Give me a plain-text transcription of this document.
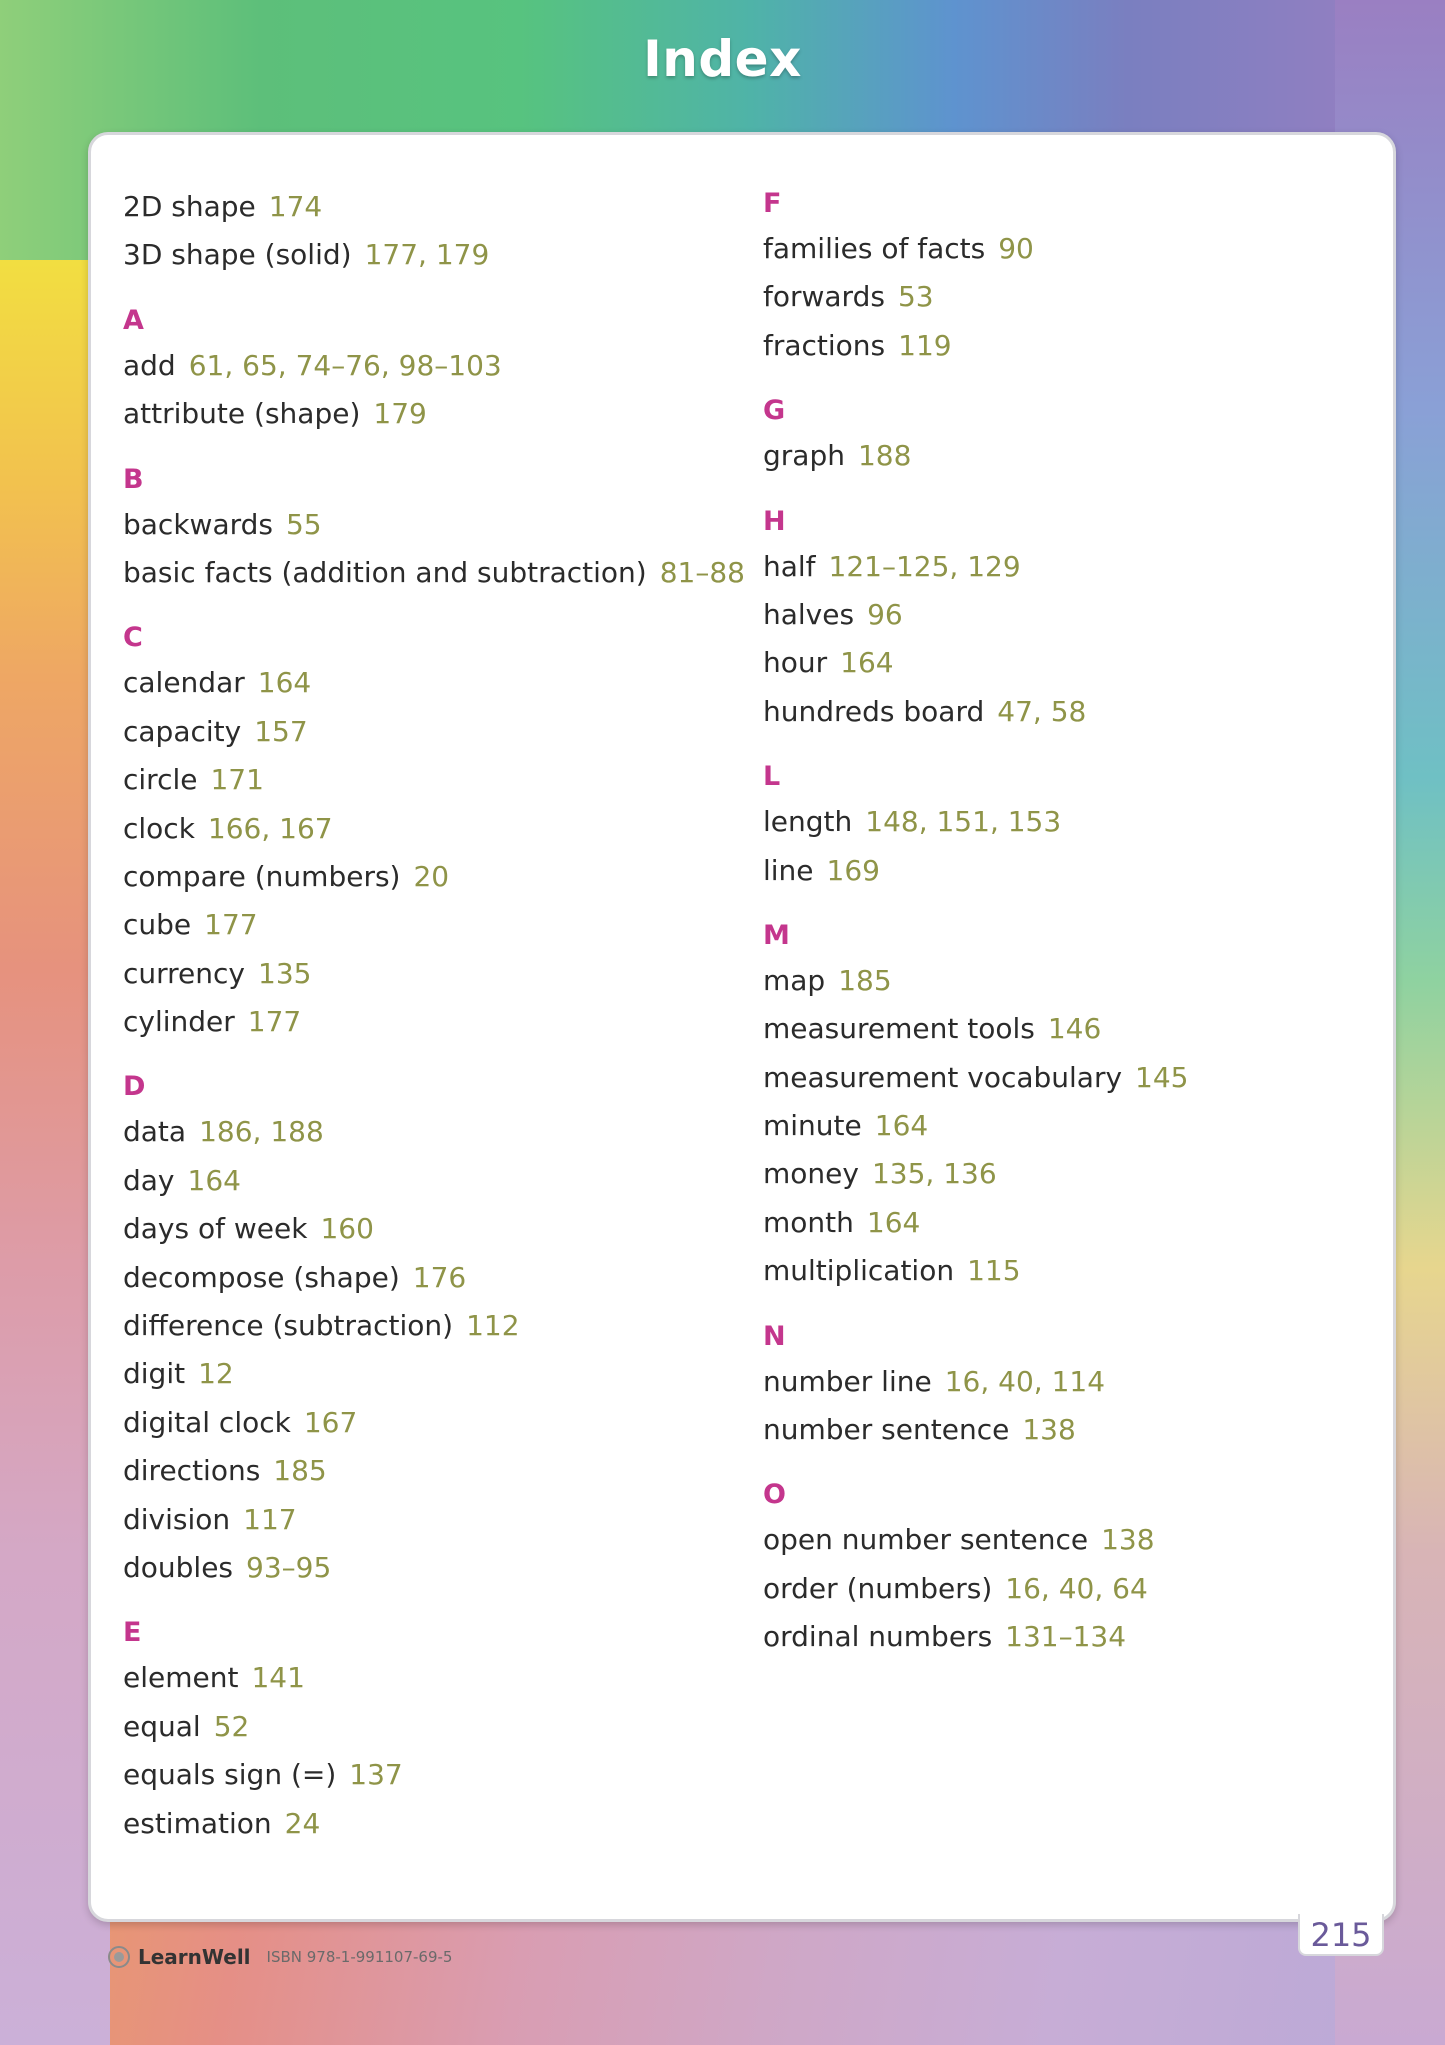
Index
2D shape 174
3D shape (solid) 177, 179
A
add 61, 65, 74–76, 98–103
attribute (shape) 179
B
backwards 55
basic facts (addition and subtraction) 81–88
C
calendar 164
capacity 157
circle 171
clock 166, 167
compare (numbers) 20
cube 177
currency 135
cylinder 177
D
data 186, 188
day 164
days of week 160
decompose (shape) 176
difference (subtraction) 112
digit 12
digital clock 167
directions 185
division 117
doubles 93–95
E
element 141
equal 52
equals sign (=) 137
estimation 24
F
families of facts 90
forwards 53
fractions 119
G
graph 188
H
half 121–125, 129
halves 96
hour 164
hundreds board 47, 58
L
length 148, 151, 153
line 169
M
map 185
measurement tools 146
measurement vocabulary 145
minute 164
money 135, 136
month 164
multiplication 115
N
number line 16, 40, 114
number sentence 138
O
open number sentence 138
order (numbers) 16, 40, 64
ordinal numbers 131–134
215
LearnWell ISBN 978-1-991107-69-5
